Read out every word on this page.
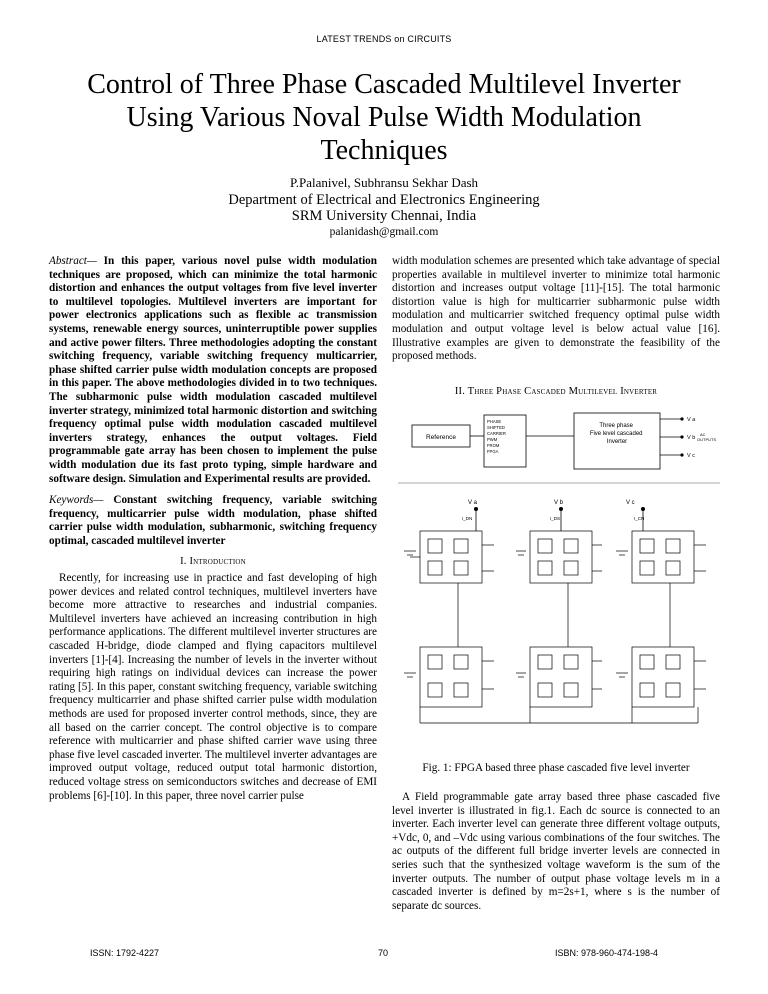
LATEST TRENDS on CIRCUITS
Control of Three Phase Cascaded Multilevel Inverter
Using Various Noval Pulse Width Modulation
Techniques
P.Palanivel, Subhransu Sekhar Dash
Department of Electrical and Electronics Engineering
SRM University Chennai, India
palanidash@gmail.com
Abstract— In this paper, various novel pulse width modulation techniques are proposed, which can minimize the total harmonic distortion and enhances the output voltages from five level inverter to multilevel topologies. Multilevel inverters are important for power electronics applications such as flexible ac transmission systems, renewable energy sources, uninterruptible power supplies and active power filters. Three methodologies adopting the constant switching frequency, variable switching frequency multicarrier, phase shifted carrier pulse width modulation concepts are proposed in this paper. The above methodologies divided in to two techniques. The subharmonic pulse width modulation cascaded multilevel inverter strategy, minimized total harmonic distortion and switching frequency optimal pulse width modulation cascaded multilevel inverters strategy, enhances the output voltages. Field programmable gate array has been chosen to implement the pulse width modulation due its fast proto typing, simple hardware and software design. Simulation and Experimental results are provided.
Keywords— Constant switching frequency, variable switching frequency, multicarrier pulse width modulation, phase shifted carrier pulse width modulation, subharmonic, switching frequency optimal, cascaded multilevel inverter
I. Introduction

Recently, for increasing use in practice and fast developing of high power devices and related control techniques, multilevel inverters have become more attractive to researches and industrial companies. Multilevel inverters have achieved an increasing contribution in high performance applications. The different multilevel inverter structures are cascaded H-bridge, diode clamped and flying capacitors multilevel inverters [1]-[4]. Increasing the number of levels in the inverter without requiring high ratings on individual devices can increase the power rating [5]. In this paper, constant switching frequency, variable switching frequency multicarrier and phase shifted carrier pulse width modulation methods are used for proposed inverter control methods, since, they are all based on the carrier concept. The control objective is to compare reference with multicarrier and phase shifted carrier wave using three phase five level cascaded inverter. The multilevel inverter advantages are improved output voltage, reduced output total harmonic distortion, reduced voltage stress on semiconductors switches and decrease of EMI problems [6]-[10]. In this paper, three novel carrier pulse

width modulation schemes are presented which take advantage of special properties available in multilevel inverter to minimize total harmonic distortion and increases output voltage [11]-[15]. The total harmonic distortion value is high for multicarrier subharmonic pulse width modulation and multicarrier switched frequency optimal pulse width modulation and output voltage level is below actual value [16]. Illustrative examples are given to demonstrate the feasibility of the proposed methods.
II. Three Phase Cascaded Multilevel Inverter
Reference
PHASE SHIFTED CARRIER PWM FROM FPGA
Three phase Five level cascaded Inverter
V a
V b
V c
AC OUTPUTS
V a	V b	V c
I_DN	I_DS	I_CN
Fig. 1: FPGA based three phase cascaded five level inverter

A Field programmable gate array based three phase cascaded five level inverter is illustrated in fig.1. Each dc source is connected to an inverter. Each inverter level can generate three different voltage outputs, +Vdc, 0, and –Vdc using various combinations of the four switches. The ac outputs of the different full bridge inverter levels are connected in series such that the synthesized voltage waveform is the sum of the inverter outputs. The number of output phase voltage levels m in a cascaded inverter is defined by m=2s+1, where s is the number of separate dc sources.

ISSN: 1792-4227	70	ISBN: 978-960-474-198-4
